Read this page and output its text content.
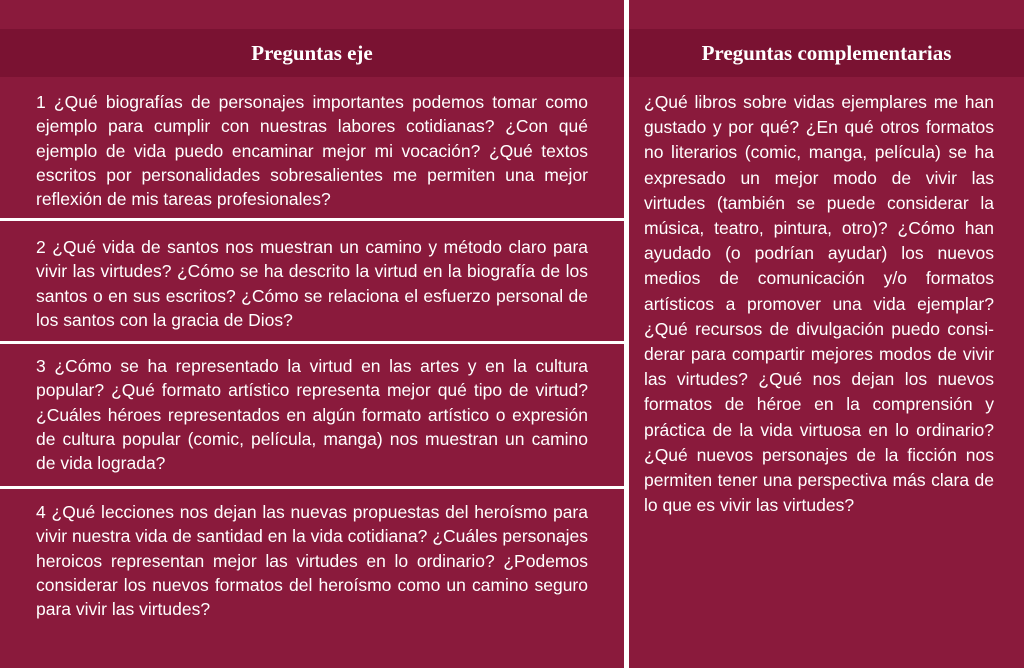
Preguntas eje
1 ¿Qué biografías de personajes importantes podemos tomar como ejemplo para cumplir con nuestras labores cotidianas? ¿Con qué ejemplo de vida puedo encaminar mejor mi vocación? ¿Qué textos escritos por personalidades sobresalientes me permiten una mejor reflexión de mis tareas profesionales?
2 ¿Qué vida de santos nos muestran un camino y método claro para vivir las virtudes? ¿Cómo se ha descrito la virtud en la biografía de los santos o en sus escritos? ¿Cómo se relaciona el esfuerzo personal de los santos con la gracia de Dios?
3 ¿Cómo se ha representado la virtud en las artes y en la cultura popular? ¿Qué formato artístico representa mejor qué tipo de virtud? ¿Cuáles héroes representados en algún formato artístico o expresión de cultura popular (comic, película, manga) nos muestran un camino de vida lograda?
4 ¿Qué lecciones nos dejan las nuevas propuestas del heroísmo para vivir nuestra vida de santidad en la vida cotidiana? ¿Cuáles personajes heroicos representan mejor las virtudes en lo ordinario? ¿Podemos considerar los nuevos formatos del heroísmo como un camino seguro para vivir las virtudes?
Preguntas complementarias
¿Qué libros sobre vidas ejemplares me han gustado y por qué? ¿En qué otros formatos no literarios (comic, manga, película) se ha expresado un mejor modo de vivir las virtudes (también se puede considerar la música, teatro, pintura, otro)? ¿Cómo han ayudado (o podrían ayudar) los nuevos medios de comunicación y/o formatos artísticos a promover una vida ejemplar? ¿Qué recursos de divulgación puedo considerar para compartir mejores modos de vivir las virtudes? ¿Qué nos dejan los nuevos formatos de héroe en la comprensión y práctica de la vida virtuosa en lo ordinario? ¿Qué nuevos personajes de la ficción nos permiten tener una perspectiva más clara de lo que es vivir las virtudes?
